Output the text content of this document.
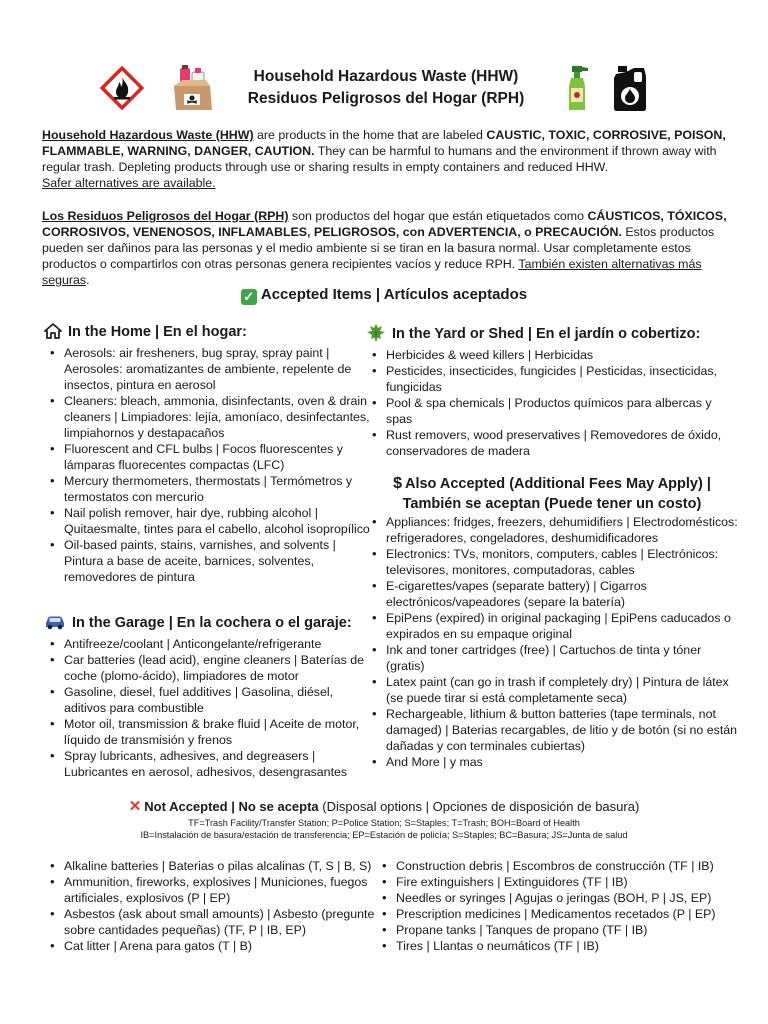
Household Hazardous Waste (HHW)
Residuos Peligrosos del Hogar (RPH)
Household Hazardous Waste (HHW) are products in the home that are labeled CAUSTIC, TOXIC, CORROSIVE, POISON, FLAMMABLE, WARNING, DANGER, CAUTION. They can be harmful to humans and the environment if thrown away with regular trash. Depleting products through use or sharing results in empty containers and reduced HHW.
Safer alternatives are available.
Los Residuos Peligrosos del Hogar (RPH) son productos del hogar que están etiquetados como CÁUSTICOS, TÓXICOS, CORROSIVOS, VENENOSOS, INFLAMABLES, PELIGROSOS, con ADVERTENCIA, o PRECAUCIÓN. Estos productos pueden ser dañinos para las personas y el medio ambiente si se tiran en la basura normal. Usar completamente estos productos o compartirlos con otras personas genera recipientes vacíos y reduce RPH. También existen alternativas más seguras.
✓ Accepted Items | Artículos aceptados
In the Home | En el hogar:
• Aerosols: air fresheners, bug spray, spray paint | Aerosoles: aromatizantes de ambiente, repelente de insectos, pintura en aerosol
• Cleaners: bleach, ammonia, disinfectants, oven & drain cleaners | Limpiadores: lejía, amoníaco, desinfectantes, limpiahornos y destapacaños
• Fluorescent and CFL bulbs | Focos fluorescentes y lámparas fluorecentes compactas (LFC)
• Mercury thermometers, thermostats | Termómetros y termostatos con mercurio
• Nail polish remover, hair dye, rubbing alcohol | Quitaesmalte, tintes para el cabello, alcohol isopropílico
• Oil-based paints, stains, varnishes, and solvents | Pintura a base de aceite, barnices, solventes, removedores de pintura
In the Garage | En la cochera o el garaje:
• Antifreeze/coolant | Anticongelante/refrigerante
• Car batteries (lead acid), engine cleaners | Baterías de coche (plomo-ácido), limpiadores de motor
• Gasoline, diesel, fuel additives | Gasolina, diésel, aditivos para combustible
• Motor oil, transmission & brake fluid | Aceite de motor, líquido de transmisión y frenos
• Spray lubricants, adhesives, and degreasers | Lubricantes en aerosol, adhesivos, desengrasantes
In the Yard or Shed | En el jardín o cobertizo:
• Herbicides & weed killers | Herbicidas
• Pesticides, insecticides, fungicides | Pesticidas, insecticidas, fungicidas
• Pool & spa chemicals | Productos químicos para albercas y spas
• Rust removers, wood preservatives | Removedores de óxido, conservadores de madera
$ Also Accepted (Additional Fees May Apply) |
También se aceptan (Puede tener un costo)
• Appliances: fridges, freezers, dehumidifiers | Electrodomésticos: refrigeradores, congeladores, deshumidificadores
• Electronics: TVs, monitors, computers, cables | Electrónicos: televisores, monitores, computadoras, cables
• E-cigarettes/vapes (separate battery) | Cigarros electrónicos/vapeadores (separe la batería)
• EpiPens (expired) in original packaging | EpiPens caducados o expirados en su empaque original
• Ink and toner cartridges (free) | Cartuchos de tinta y tóner (gratis)
• Latex paint (can go in trash if completely dry) | Pintura de látex (se puede tirar si está completamente seca)
• Rechargeable, lithium & button batteries (tape terminals, not damaged) | Baterias recargables, de litio y de botón (si no están dañadas y con terminales cubiertas)
• And More | y mas
✕ Not Accepted | No se acepta (Disposal options | Opciones de disposición de basura)
TF=Trash Facility/Transfer Station; P=Police Station; S=Staples; T=Trash; BOH=Board of Health
IB=Instalación de basura/estación de transferencia; EP=Estación de policía; S=Staples; BC=Basura; JS=Junta de salud
• Alkaline batteries | Baterias o pilas alcalinas (T, S | B, S)
• Ammunition, fireworks, explosives | Municiones, fuegos artificiales, explosivos (P | EP)
• Asbestos (ask about small amounts) | Asbesto (pregunte sobre cantidades pequeñas) (TF, P | IB, EP)
• Cat litter | Arena para gatos (T | B)
• Construction debris | Escombros de construcción (TF | IB)
• Fire extinguishers | Extinguidores (TF | IB)
• Needles or syringes | Agujas o jeringas (BOH, P | JS, EP)
• Prescription medicines | Medicamentos recetados (P | EP)
• Propane tanks | Tanques de propano (TF | IB)
• Tires | Llantas o neumáticos (TF | IB)
